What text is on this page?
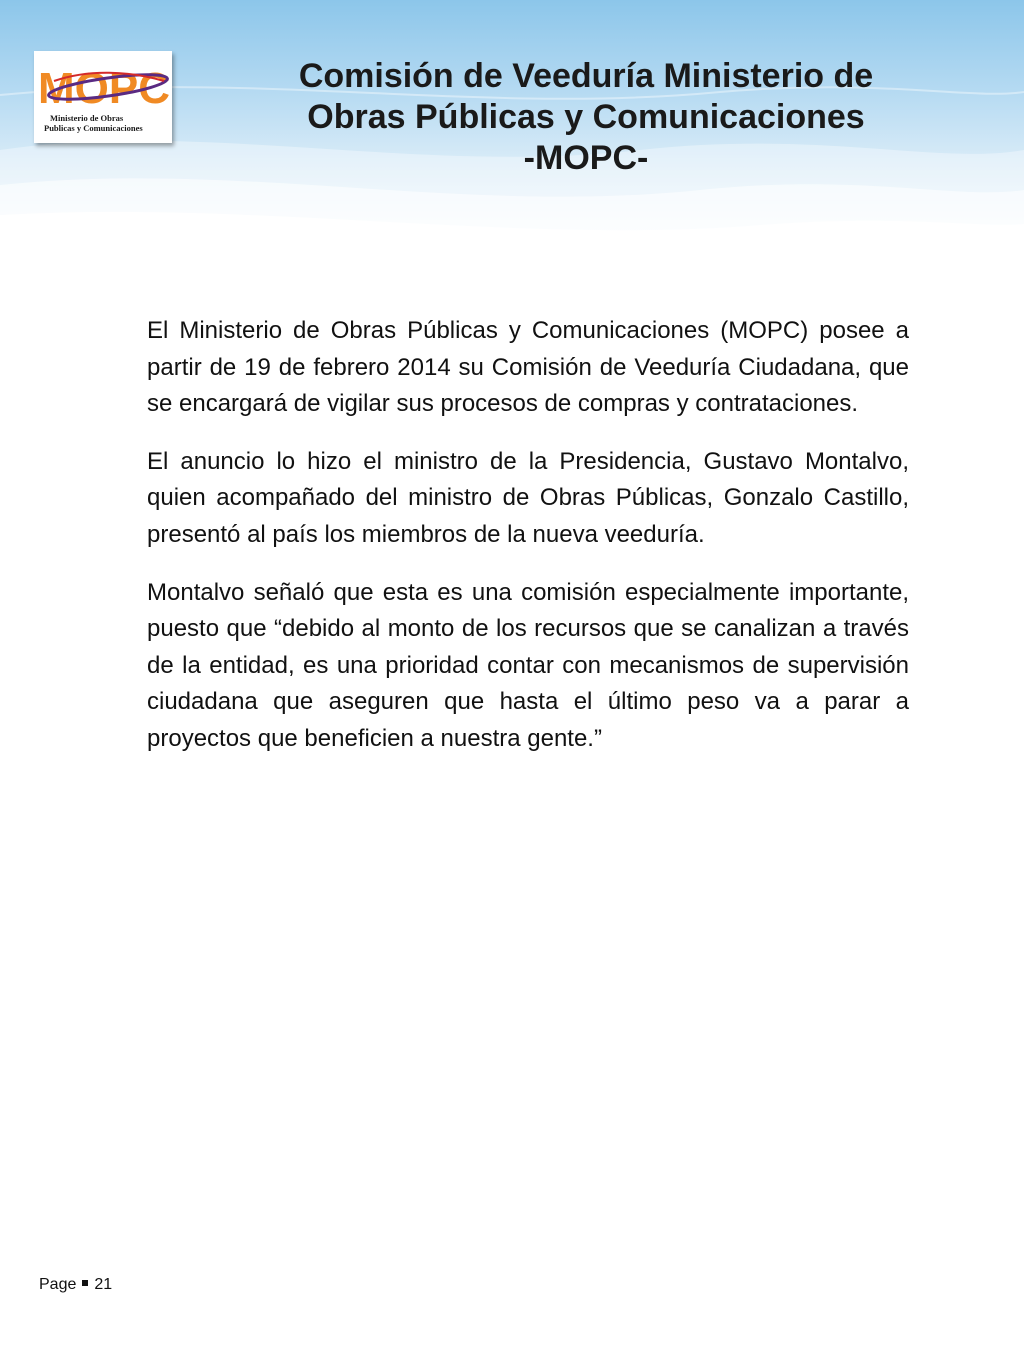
MOPC
Ministerio de Obras
Publicas y Comunicaciones
Comisión de Veeduría Ministerio de
Obras Públicas y Comunicaciones
-MOPC-

El Ministerio de Obras Públicas y Comunicaciones (MOPC) posee a partir de 19 de febrero 2014 su Comisión de Veeduría Ciudadana, que se encargará de vigilar sus procesos de compras y contrataciones.

El anuncio lo hizo el ministro de la Presidencia, Gustavo Montalvo, quien acompañado del ministro de Obras Públicas, Gonzalo Castillo, presentó al país los miembros de la nueva veeduría.

Montalvo señaló que esta es una comisión especialmente importante, puesto que “debido al monto de los recursos que se canalizan a través de la entidad, es una prioridad contar con mecanismos de supervisión ciudadana que aseguren que hasta el último peso va a parar a proyectos que beneficien a nuestra gente.”

Page 21
